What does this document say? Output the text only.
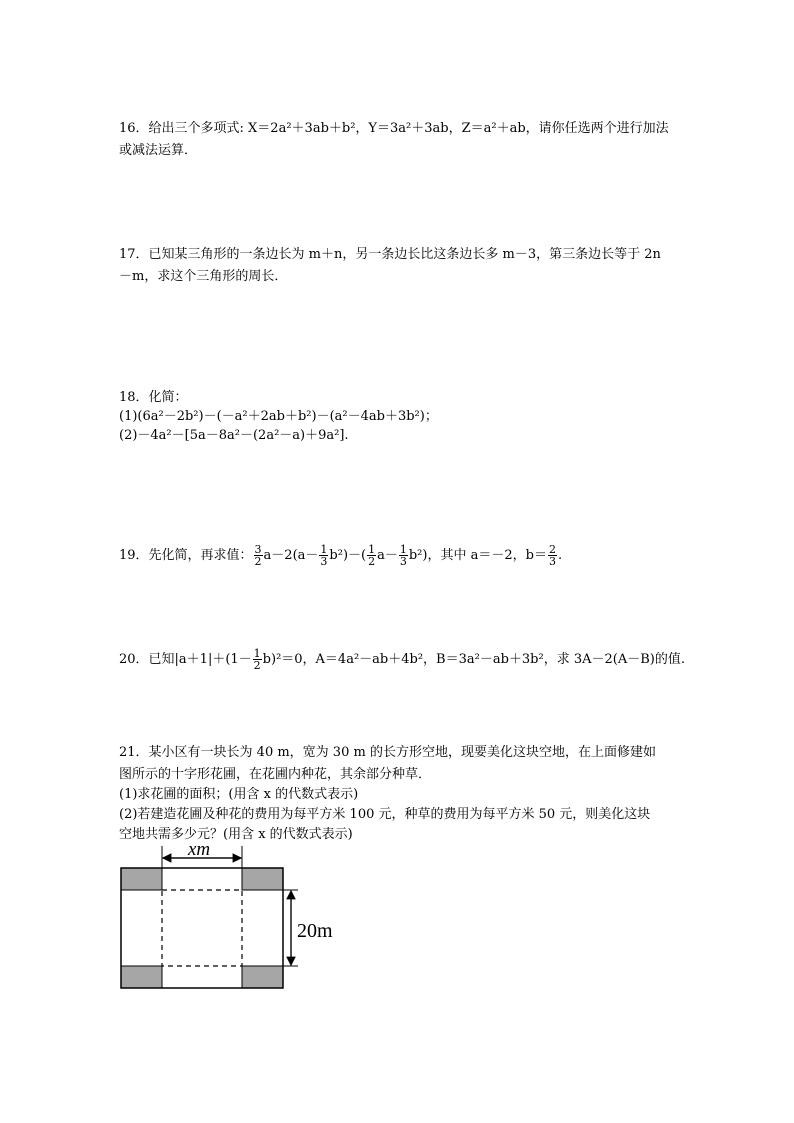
16．给出三个多项式: X＝2a²＋3ab＋b²，Y＝3a²＋3ab，Z＝a²＋ab，请你任选两个进行加法
或减法运算．
17．已知某三角形的一条边长为 m＋n，另一条边长比这条边长多 m－3，第三条边长等于 2n
－m，求这个三角形的周长．
18．化简：
(1)(6a²－2b²)－(－a²＋2ab＋b²)－(a²－4ab＋3b²)；
(2)－4a²－[5a－8a²－(2a²－a)＋9a²].
19．先化简，再求值： $\frac{3}{2} a-2(a- \frac{1}{3} b^2)-( \frac{1}{2} a- \frac{1}{3} b^2)$，其中 a＝－2，$b= \frac{2}{3}$ .
20．已知$|a+1|+(1- \frac{1}{2} b)^2=0$，A＝4a²－ab＋4b²，B＝3a²－ab＋3b²，求 3A－2(A－B)的值.
21．某小区有一块长为 40 m，宽为 30 m 的长方形空地，现要美化这块空地，在上面修建如
图所示的十字形花圃，在花圃内种花，其余部分种草．
(1)求花圃的面积；(用含 x 的代数式表示)
(2)若建造花圃及种花的费用为每平方米 100 元，种草的费用为每平方米 50 元，则美化这块
空地共需多少元？(用含 x 的代数式表示)
xm
20m
